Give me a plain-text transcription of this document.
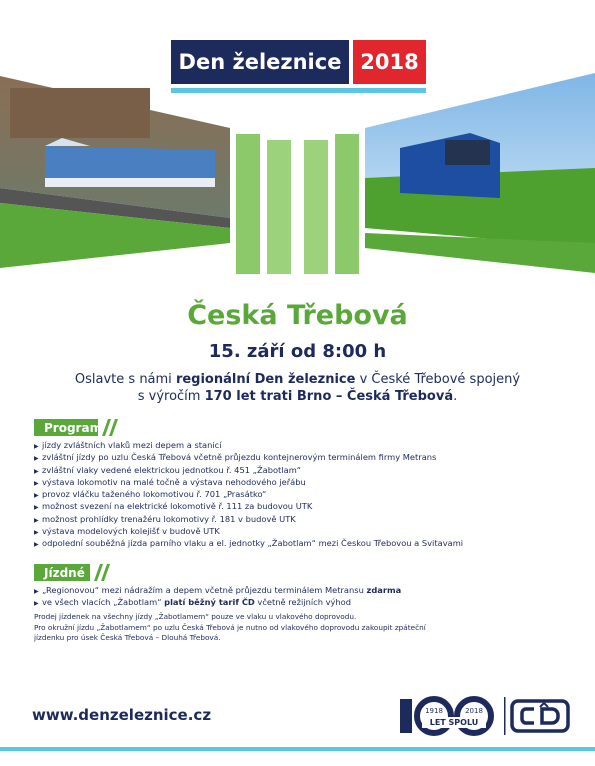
Den železnice 2018
Česká Třebová
15. září od 8:00 h
Oslavte s námi regionální Den železnice v České Třebové spojený
s výročím 170 let trati Brno – Česká Třebová.
Program
▶ jízdy zvláštních vlaků mezi depem a stanicí
▶ zvláštní jízdy po uzlu Česká Třebová včetně průjezdu kontejnerovým terminálem firmy Metrans
▶ zvláštní vlaky vedené elektrickou jednotkou ř. 451 „Žabotlam“
▶ výstava lokomotiv na malé točně a výstava nehodového jeřábu
▶ provoz vláčku taženého lokomotivou ř. 701 „Prasátko“
▶ možnost svezení na elektrické lokomotivě ř. 111 za budovou UTK
▶ možnost prohlídky trenažéru lokomotivy ř. 181 v budově UTK
▶ výstava modelových kolejišť v budově UTK
▶ odpolední souběžná jízda parního vlaku a el. jednotky „Žabotlam“ mezi Českou Třebovou a Svitavami
Jízdné
▶ „Regionovou“ mezi nádražím a depem včetně průjezdu terminálem Metransu zdarma
▶ ve všech vlacích „Žabotlam“ platí běžný tarif ČD včetně režijních výhod
Prodej jízdenek na všechny jízdy „Žabotlamem“ pouze ve vlaku u vlakového doprovodu.
Pro okružní jízdu „Žabotlamem“ po uzlu Česká Třebová je nutno od vlakového doprovodu zakoupit zpáteční
jízdenku pro úsek Česká Třebová – Dlouhá Třebová.
www.denzeleznice.cz	1918	2018
LET SPOLU
